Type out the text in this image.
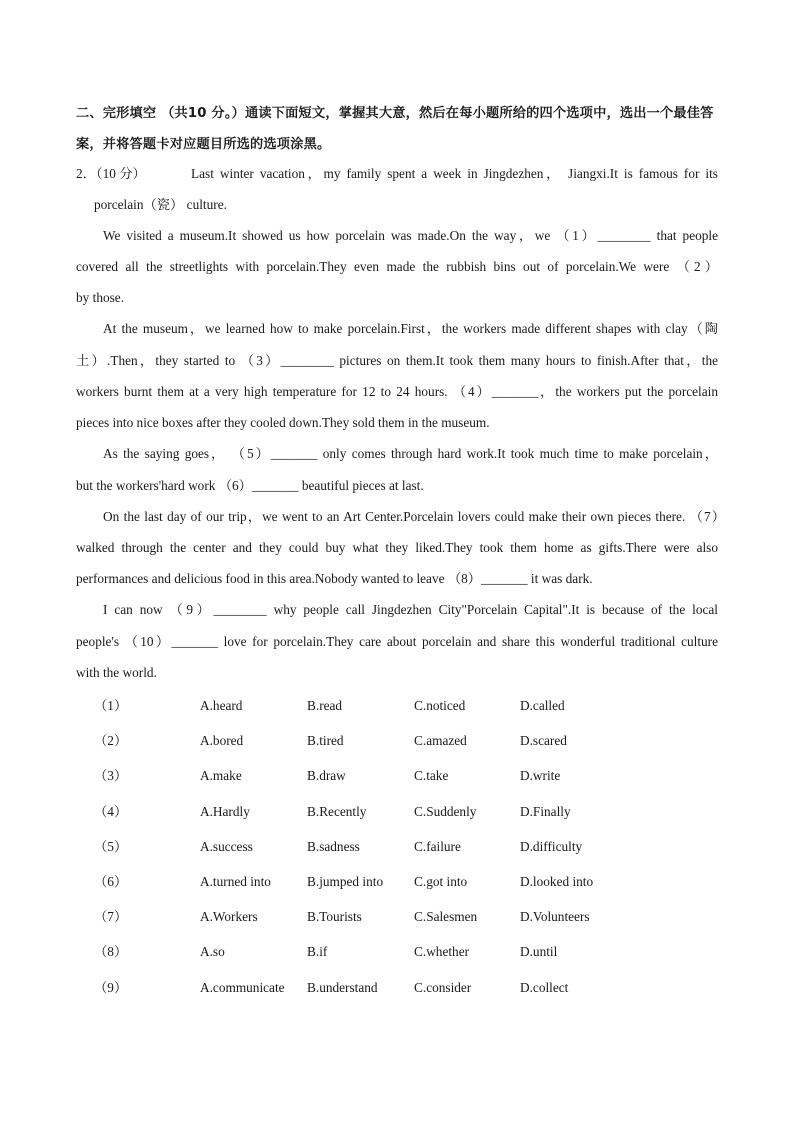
二、完形填空 （共10 分。）通读下面短文，掌握其大意，然后在每小题所给的四个选项中，选出一个最佳答案，并将答题卡对应题目所选的选项涂黑。
2．（10 分）	Last winter vacation，my family spent a week in Jingdezhen， Jiangxi.It is famous for its
porcelain（瓷） culture.
We visited a museum.It showed us how porcelain was made.On the way，we （1）________ that people
covered all the streetlights with porcelain.They even made the rubbish bins out of porcelain.We were （2）
by those.
At the museum，we learned how to make porcelain.First，the workers made different shapes with clay（陶
土）.Then，they started to （3）________ pictures on them.It took them many hours to finish.After that，the
workers burnt them at a very high temperature for 12 to 24 hours. （4）_______，the workers put the porcelain
pieces into nice boxes after they cooled down.They sold them in the museum.
As the saying goes， （5）_______ only comes through hard work.It took much time to make porcelain，
but the workers'hard work （6）_______ beautiful pieces at last.
On the last day of our trip，we went to an Art Center.Porcelain lovers could make their own pieces there. （7）
walked through the center and they could buy what they liked.They took them home as gifts.There were also
performances and delicious food in this area.Nobody wanted to leave （8）_______ it was dark.
I can now （9）________ why people call Jingdezhen City"Porcelain Capital".It is because of the local
people's （10）_______ love for porcelain.They care about porcelain and share this wonderful traditional culture
with the world.
（1）	A.heard	B.read	C.noticed	D.called
（2）	A.bored	B.tired	C.amazed	D.scared
（3）	A.make	B.draw	C.take	D.write
（4）	A.Hardly	B.Recently	C.Suddenly	D.Finally
（5）	A.success	B.sadness	C.failure	D.difficulty
（6）	A.turned into	B.jumped into C.got into	D.looked into
（7）	A.Workers	B.Tourists	C.Salesmen	D.Volunteers
（8）	A.so	B.if	C.whether	D.until
（9）	A.communicate B.understand	C.consider	D.collect
